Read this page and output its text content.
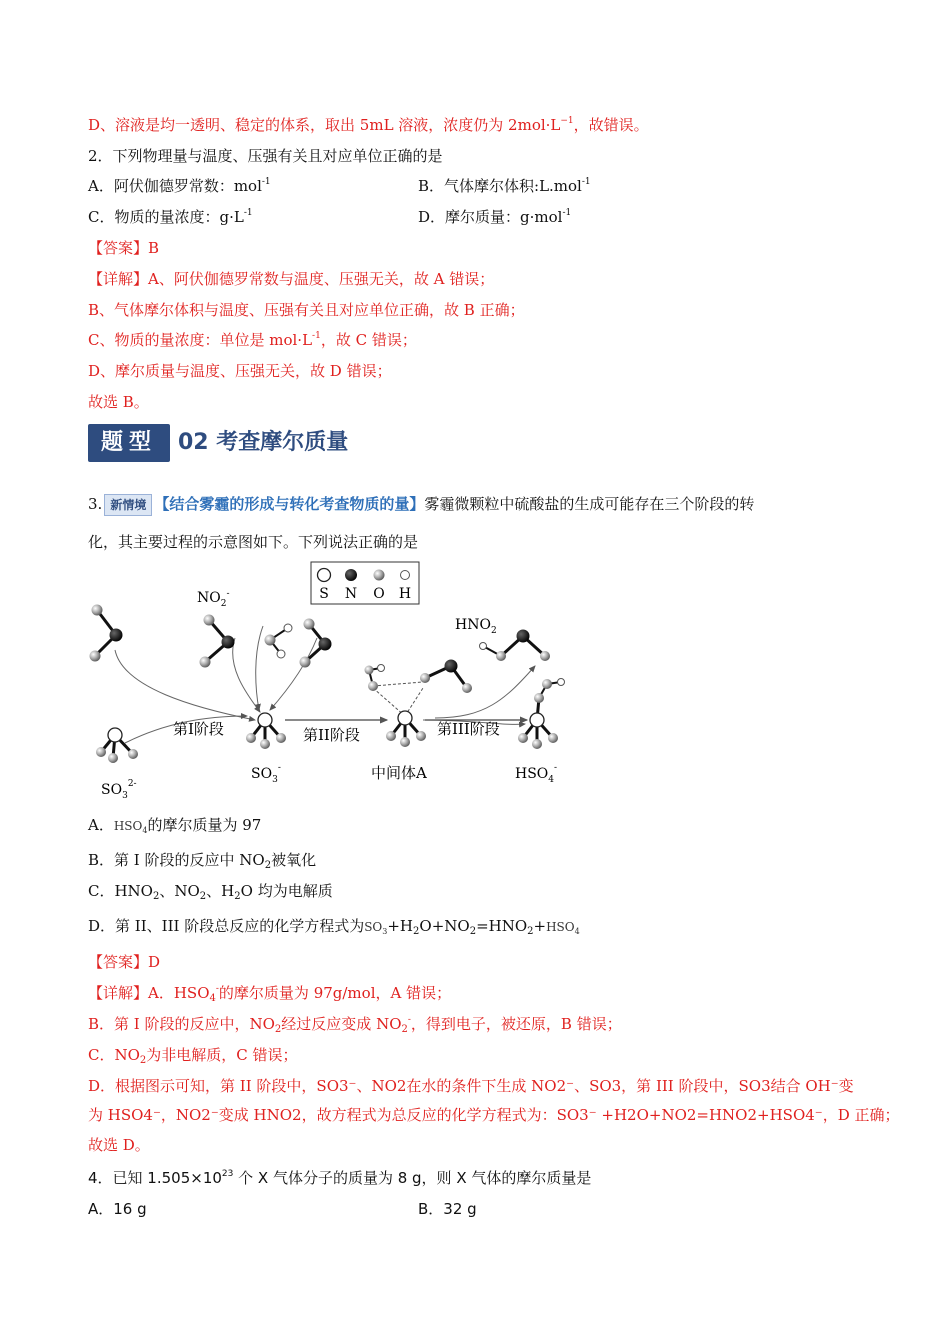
D、溶液是均一透明、稳定的体系，取出 5mL 溶液，浓度仍为 $2mol\cdot L^{-1}$，故错误。
2．下列物理量与温度、压强有关且对应单位正确的是
A．阿伏伽德罗常数：mol$^{-1}$	B．气体摩尔体积:L.mol$^{-1}$
C．物质的量浓度：$g\cdot L^{-1}$	D．摩尔质量：g·mol$^{-1}$
【答案】B
【详解】A、阿伏伽德罗常数与温度、压强无关，故 A 错误；
B、气体摩尔体积与温度、压强有关且对应单位正确，故 B 正确；
C、物质的量浓度：单位是 $mol\cdot L^{-1}$，故 C 错误；
D、摩尔质量与温度、压强无关，故 D 错误；
故选 B。
题型 02 考查摩尔质量
3. 新情境 【结合雾霾的形成与转化考查物质的量】雾霾微颗粒中硫酸盐的生成可能存在三个阶段的转
化，其主要过程的示意图如下。下列说法正确的是
S N O H
$NO_2^-$
$SO_3^{2-}$
第I阶段	第II阶段	第III阶段
$SO_3^-$	中间体A
$HNO_2$
$HSO_4^-$
A．$HSO_4$的摩尔质量为 97
B．第 I 阶段的反应中 $NO_2$被氧化
C．$HNO_2$、$NO_2$、$H_2O$ 均为电解质
D．第 II、III 阶段总反应的化学方程式为$SO_3+H_2O+NO_2=HNO_2+HSO_4$
【答案】D
【详解】A．$HSO_4^-$的摩尔质量为 97g/mol，A 错误；
B．第 I 阶段的反应中，$NO_2$经过反应变成 $NO_2^-$，得到电子，被还原，B 错误；
C．$NO_2$为非电解质，C 错误；
D．根据图示可知，第 II 阶段中，SO3⁻、NO2在水的条件下生成 NO2⁻、SO3，第 III 阶段中，SO3结合 OH⁻变
为 HSO4⁻，NO2⁻变成 HNO2，故方程式为总反应的化学方程式为：SO3⁻ +H2O+NO2=HNO2+HSO4⁻，D 正确；
故选 D。
4．已知 $1.505\times 10^{23}$ 个 X 气体分子的质量为 8 g，则 X 气体的摩尔质量是
A．16 g	B．32 g
